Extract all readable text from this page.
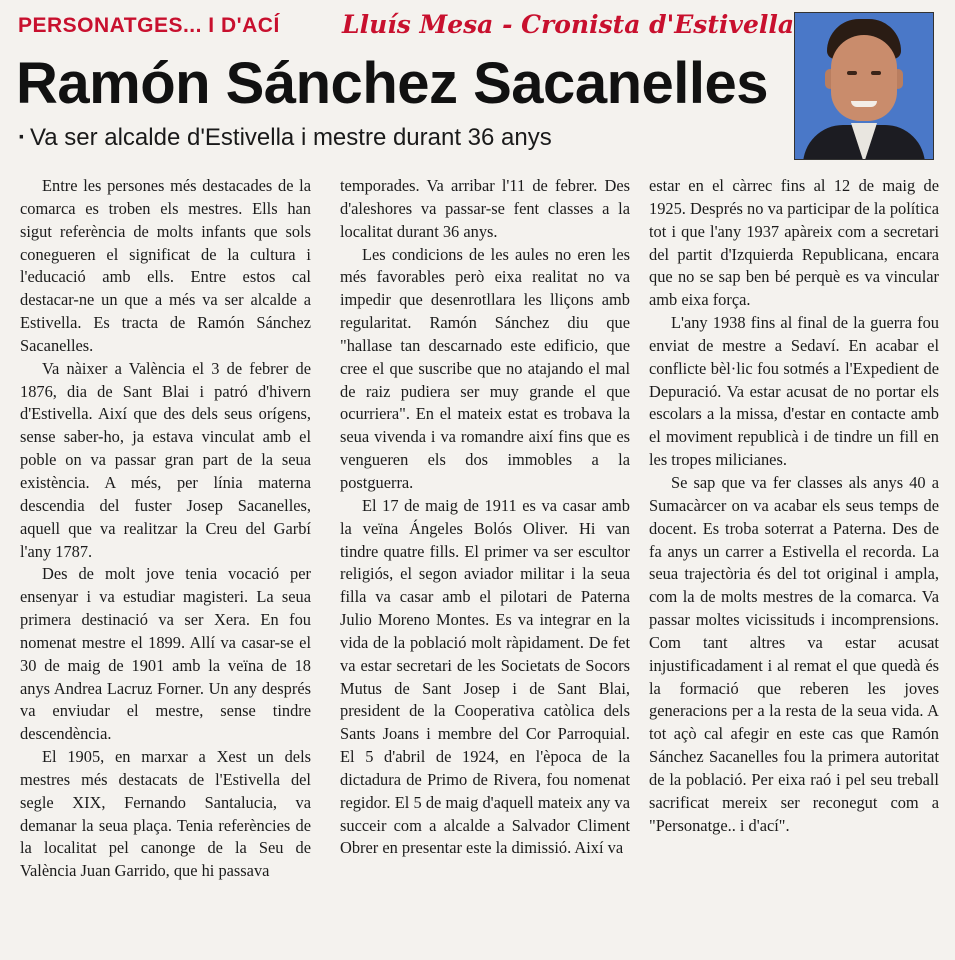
PERSONATGES... I D'ACÍ Lluís Mesa - Cronista d'Estivella
Ramón Sánchez Sacanelles
· Va ser alcalde d'Estivella i mestre durant 36 anys

Entre les persones més destacades de la comarca es troben els mestres. Ells han sigut referència de molts infants que sols conegueren el significat de la cultura i l'educació amb ells. Entre estos cal destacar-ne un que a més va ser alcalde a Estivella. Es tracta de Ramón Sánchez Sacanelles.

Va nàixer a València el 3 de febrer de 1876, dia de Sant Blai i patró d'hivern d'Estivella. Així que des dels seus orígens, sense saber-ho, ja estava vinculat amb el poble on va passar gran part de la seua existència. A més, per línia materna descendia del fuster Josep Sacanelles, aquell que va realitzar la Creu del Garbí l'any 1787.

Des de molt jove tenia vocació per ensenyar i va estudiar magisteri. La seua primera destinació va ser Xera. En fou nomenat mestre el 1899. Allí va casar-se el 30 de maig de 1901 amb la veïna de 18 anys Andrea Lacruz Forner. Un any després va enviudar el mestre, sense tindre descendència.

El 1905, en marxar a Xest un dels mestres més destacats de l'Estivella del segle XIX, Fernando Santalucia, va demanar la seua plaça. Tenia referències de la localitat pel canonge de la Seu de València Juan Garrido, que hi passava

temporades. Va arribar l'11 de febrer. Des d'aleshores va passar-se fent classes a la localitat durant 36 anys.

Les condicions de les aules no eren les més favorables però eixa realitat no va impedir que desenrotllara les lliçons amb regularitat. Ramón Sánchez diu que "hallase tan descarnado este edificio, que cree el que suscribe que no atajando el mal de raiz pudiera ser muy grande el que ocurriera". En el mateix estat es trobava la seua vivenda i va romandre així fins que es vengueren els dos immobles a la postguerra.

El 17 de maig de 1911 es va casar amb la veïna Ángeles Bolós Oliver. Hi van tindre quatre fills. El primer va ser escultor religiós, el segon aviador militar i la seua filla va casar amb el pilotari de Paterna Julio Moreno Montes. Es va integrar en la vida de la població molt ràpidament. De fet va estar secretari de les Societats de Socors Mutus de Sant Josep i de Sant Blai, president de la Cooperativa catòlica dels Sants Joans i membre del Cor Parroquial. El 5 d'abril de 1924, en l'època de la dictadura de Primo de Rivera, fou nomenat regidor. El 5 de maig d'aquell mateix any va succeir com a alcalde a Salvador Climent Obrer en presentar este la dimissió. Així va

estar en el càrrec fins al 12 de maig de 1925. Després no va participar de la política tot i que l'any 1937 apàreix com a secretari del partit d'Izquierda Republicana, encara que no se sap ben bé perquè es va vincular amb eixa força.

L'any 1938 fins al final de la guerra fou enviat de mestre a Sedaví. En acabar el conflicte bèl·lic fou sotmés a l'Expedient de Depuració. Va estar acusat de no portar els escolars a la missa, d'estar en contacte amb el moviment republicà i de tindre un fill en les tropes milicianes.

Se sap que va fer classes als anys 40 a Sumacàrcer on va acabar els seus temps de docent. Es troba soterrat a Paterna. Des de fa anys un carrer a Estivella el recorda. La seua trajectòria és del tot original i ampla, com la de molts mestres de la comarca. Va passar moltes vicissituds i incomprensions. Com tant altres va estar acusat injustificadament i al remat el que quedà és la formació que reberen les joves generacions per a la resta de la seua vida. A tot açò cal afegir en este cas que Ramón Sánchez Sacanelles fou la primera autoritat de la població. Per eixa raó i pel seu treball sacrificat mereix ser reconegut com a "Personatge.. i d'ací".
